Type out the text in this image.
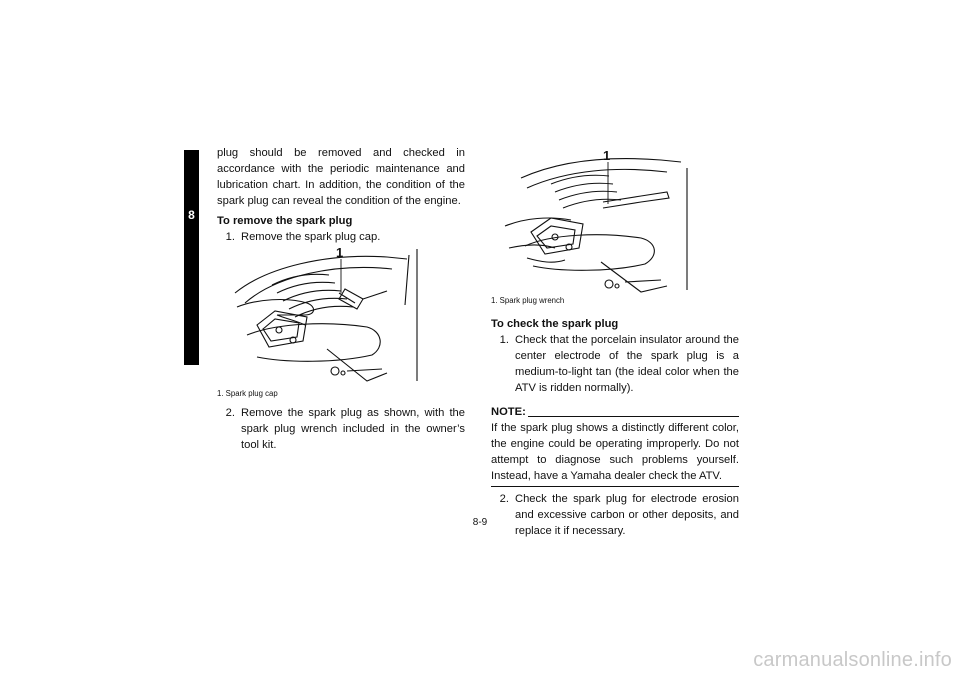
8

plug should be removed and checked in accordance with the periodic maintenance and lubrication chart. In addition, the condition of the spark plug can reveal the condition of the engine.

To remove the spark plug

1. Remove the spark plug cap.
1
1. Spark plug cap
2. Remove the spark plug as shown, with the spark plug wrench included in the owner’s tool kit.
1
1. Spark plug wrench

To check the spark plug

1. Check that the porcelain insulator around the center electrode of the spark plug is a medium-to-light tan (the ideal color when the ATV is ridden normally).
NOTE:

If the spark plug shows a distinctly different color, the engine could be operating improperly. Do not attempt to diagnose such problems yourself. Instead, have a Yamaha dealer check the ATV.

2. Check the spark plug for electrode erosion and excessive carbon or other deposits, and replace it if necessary.
8-9
carmanualsonline.info
